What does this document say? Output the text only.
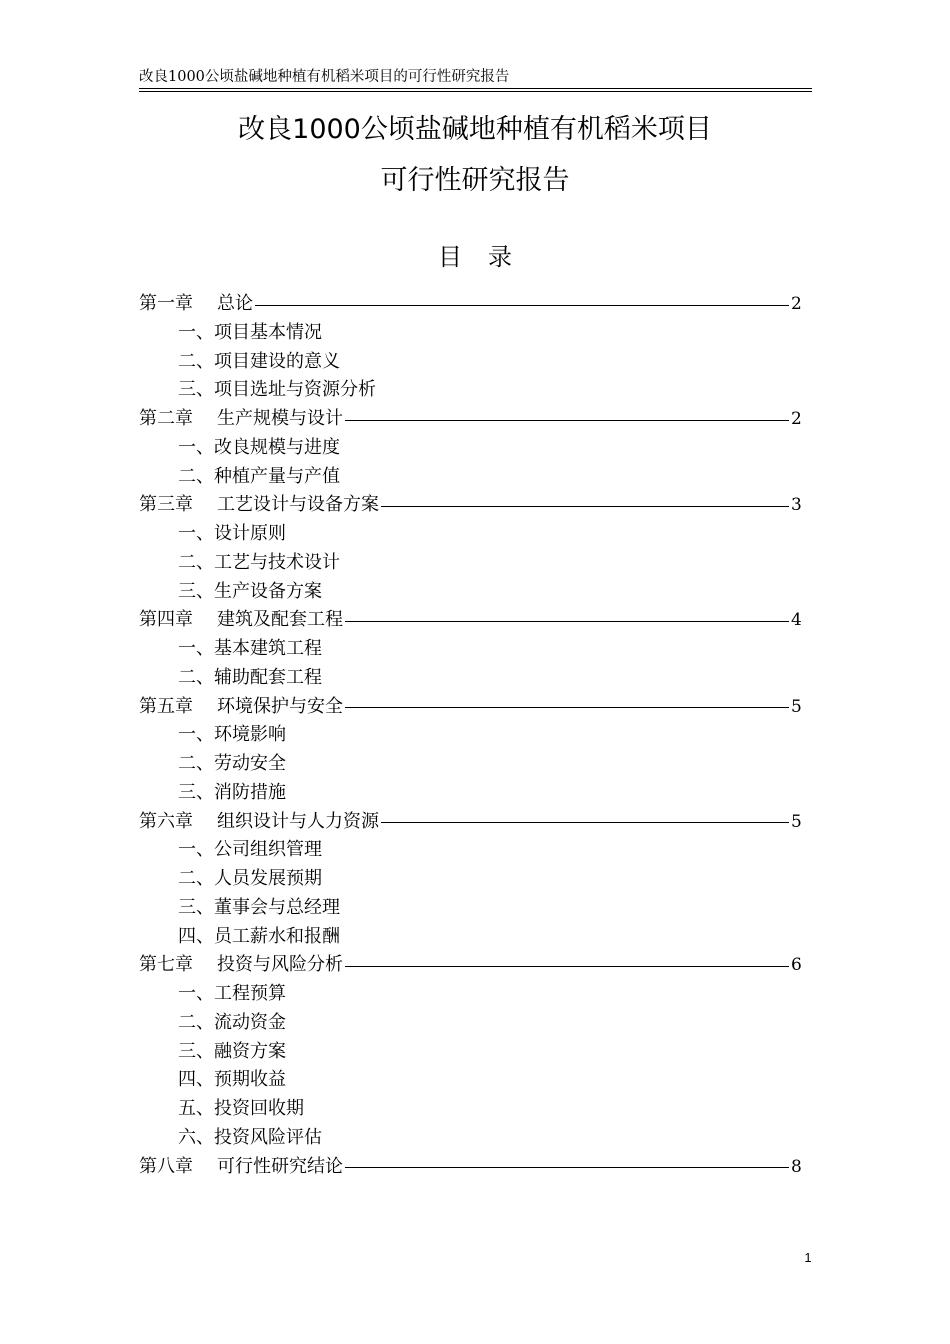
改良1000公顷盐碱地种植有机稻米项目的可行性研究报告
改良1000公顷盐碱地种植有机稻米项目
可行性研究报告
目录
第一章	总论	2
一、项目基本情况
二、项目建设的意义
三、项目选址与资源分析
第二章	生产规模与设计	2
一、改良规模与进度
二、种植产量与产值
第三章	工艺设计与设备方案	3
一、设计原则
二、工艺与技术设计
三、生产设备方案
第四章	建筑及配套工程	4
一、基本建筑工程
二、辅助配套工程
第五章	环境保护与安全	5
一、环境影响
二、劳动安全
三、消防措施
第六章	组织设计与人力资源	5
一、公司组织管理
二、人员发展预期
三、董事会与总经理
四、员工薪水和报酬
第七章	投资与风险分析	6
一、工程预算
二、流动资金
三、融资方案
四、预期收益
五、投资回收期
六、投资风险评估
第八章	可行性研究结论	8
1
